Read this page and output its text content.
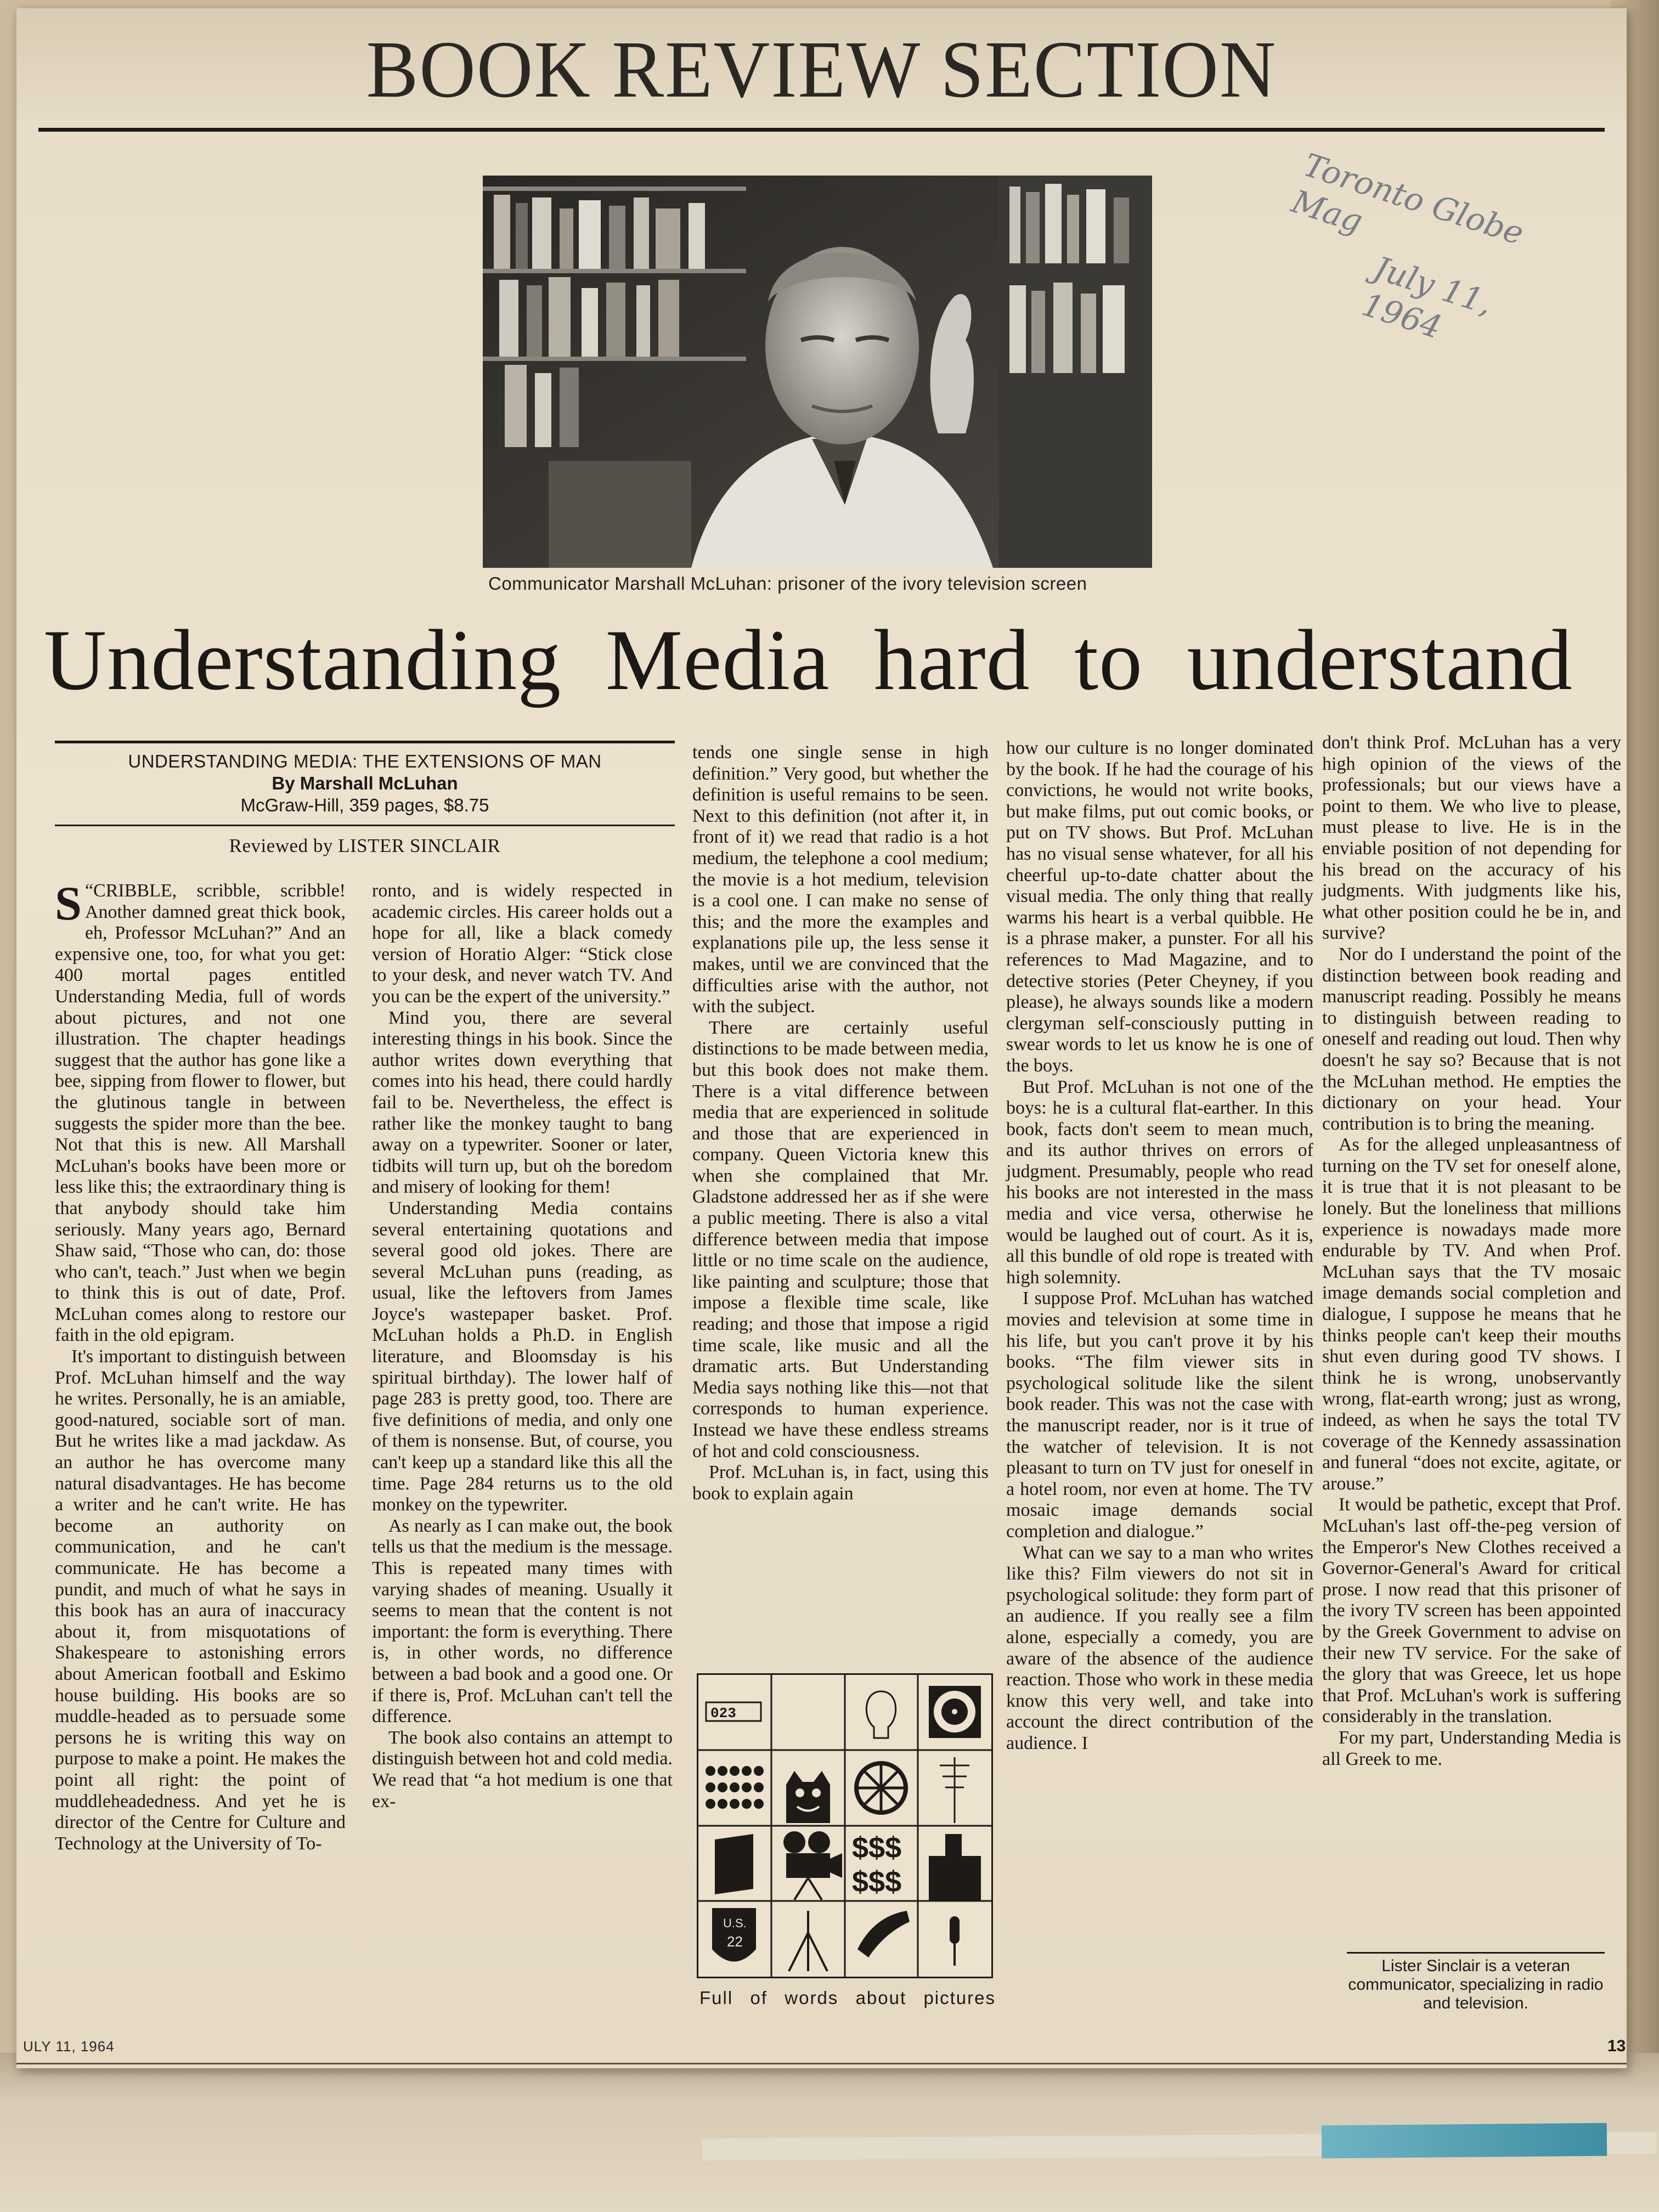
BOOK REVIEW SECTION
Communicator Marshall McLuhan: prisoner of the ivory television screen
Toronto Globe Mag
July 11, 1964
Understanding Media hard to understand
UNDERSTANDING MEDIA: THE EXTENSIONS OF MAN
By Marshall McLuhan
McGraw-Hill, 359 pages, $8.75
Reviewed by LISTER SINCLAIR

S “CRIBBLE, scribble, scribble! Another damned great thick book, eh, Professor McLuhan?” And an expensive one, too, for what you get: 400 mortal pages entitled Understanding Media, full of words about pictures, and not one illustration. The chapter headings suggest that the author has gone like a bee, sipping from flower to flower, but the glutinous tangle in between suggests the spider more than the bee. Not that this is new. All Marshall McLuhan's books have been more or less like this; the extraordinary thing is that anybody should take him seriously. Many years ago, Bernard Shaw said, “Those who can, do: those who can't, teach.” Just when we begin to think this is out of date, Prof. McLuhan comes along to restore our faith in the old epigram.

It's important to distinguish between Prof. McLuhan himself and the way he writes. Personally, he is an amiable, good-natured, sociable sort of man. But he writes like a mad jackdaw. As an author he has overcome many natural disadvantages. He has become a writer and he can't write. He has become an authority on communication, and he can't communicate. He has become a pundit, and much of what he says in this book has an aura of inaccuracy about it, from misquotations of Shakespeare to astonishing errors about American football and Eskimo house building. His books are so muddle-headed as to persuade some persons he is writing this way on purpose to make a point. He makes the point all right: the point of muddleheadedness. And yet he is director of the Centre for Culture and Technology at the University of To-

ronto, and is widely respected in academic circles. His career holds out a hope for all, like a black comedy version of Horatio Alger: “Stick close to your desk, and never watch TV. And you can be the expert of the university.”

Mind you, there are several interesting things in his book. Since the author writes down everything that comes into his head, there could hardly fail to be. Nevertheless, the effect is rather like the monkey taught to bang away on a typewriter. Sooner or later, tidbits will turn up, but oh the boredom and misery of looking for them!

Understanding Media contains several entertaining quotations and several good old jokes. There are several McLuhan puns (reading, as usual, like the leftovers from James Joyce's wastepaper basket. Prof. McLuhan holds a Ph.D. in English literature, and Bloomsday is his spiritual birthday). The lower half of page 283 is pretty good, too. There are five definitions of media, and only one of them is nonsense. But, of course, you can't keep up a standard like this all the time. Page 284 returns us to the old monkey on the typewriter.

As nearly as I can make out, the book tells us that the medium is the message. This is repeated many times with varying shades of meaning. Usually it seems to mean that the content is not important: the form is everything. There is, in other words, no difference between a bad book and a good one. Or if there is, Prof. McLuhan can't tell the difference.

The book also contains an attempt to distinguish between hot and cold media. We read that “a hot medium is one that ex-

tends one single sense in high definition.” Very good, but whether the definition is useful remains to be seen. Next to this definition (not after it, in front of it) we read that radio is a hot medium, the telephone a cool medium; the movie is a hot medium, television is a cool one. I can make no sense of this; and the more the examples and explanations pile up, the less sense it makes, until we are convinced that the difficulties arise with the author, not with the subject.

There are certainly useful distinctions to be made between media, but this book does not make them. There is a vital difference between media that are experienced in solitude and those that are experienced in company. Queen Victoria knew this when she complained that Mr. Gladstone addressed her as if she were a public meeting. There is also a vital difference between media that impose little or no time scale on the audience, like painting and sculpture; those that impose a flexible time scale, like reading; and those that impose a rigid time scale, like music and all the dramatic arts. But Understanding Media says nothing like this—not that corresponds to human experience. Instead we have these endless streams of hot and cold consciousness.

Prof. McLuhan is, in fact, using this book to explain again

023
$$$
$$$
U.S.
22
Full of words about pictures

how our culture is no longer dominated by the book. If he had the courage of his convictions, he would not write books, but make films, put out comic books, or put on TV shows. But Prof. McLuhan has no visual sense whatever, for all his cheerful up-to-date chatter about the visual media. The only thing that really warms his heart is a verbal quibble. He is a phrase maker, a punster. For all his references to Mad Magazine, and to detective stories (Peter Cheyney, if you please), he always sounds like a modern clergyman self-consciously putting in swear words to let us know he is one of the boys.

But Prof. McLuhan is not one of the boys: he is a cultural flat-earther. In this book, facts don't seem to mean much, and its author thrives on errors of judgment. Presumably, people who read his books are not interested in the mass media and vice versa, otherwise he would be laughed out of court. As it is, all this bundle of old rope is treated with high solemnity.

I suppose Prof. McLuhan has watched movies and television at some time in his life, but you can't prove it by his books. “The film viewer sits in psychological solitude like the silent book reader. This was not the case with the manuscript reader, nor is it true of the watcher of television. It is not pleasant to turn on TV just for oneself in a hotel room, nor even at home. The TV mosaic image demands social completion and dialogue.”

What can we say to a man who writes like this? Film viewers do not sit in psychological solitude: they form part of an audience. If you really see a film alone, especially a comedy, you are aware of the absence of the audience reaction. Those who work in these media know this very well, and take into account the direct contribution of the audience. I

don't think Prof. McLuhan has a very high opinion of the views of the professionals; but our views have a point to them. We who live to please, must please to live. He is in the enviable position of not depending for his bread on the accuracy of his judgments. With judgments like his, what other position could he be in, and survive?

Nor do I understand the point of the distinction between book reading and manuscript reading. Possibly he means to distinguish between reading to oneself and reading out loud. Then why doesn't he say so? Because that is not the McLuhan method. He empties the dictionary on your head. Your contribution is to bring the meaning.

As for the alleged unpleasantness of turning on the TV set for oneself alone, it is true that it is not pleasant to be lonely. But the loneliness that millions experience is nowadays made more endurable by TV. And when Prof. McLuhan says that the TV mosaic image demands social completion and dialogue, I suppose he means that he thinks people can't keep their mouths shut even during good TV shows. I think he is wrong, unobservantly wrong, flat-earth wrong; just as wrong, indeed, as when he says the total TV coverage of the Kennedy assassination and funeral “does not excite, agitate, or arouse.”

It would be pathetic, except that Prof. McLuhan's last off-the-peg version of the Emperor's New Clothes received a Governor-General's Award for critical prose. I now read that this prisoner of the ivory TV screen has been appointed by the Greek Government to advise on their new TV service. For the sake of the glory that was Greece, let us hope that Prof. McLuhan's work is suffering considerably in the translation.

For my part, Understanding Media is all Greek to me.

Lister Sinclair is a veteran communicator, specializing in radio and television.
13
ULY 11, 1964
